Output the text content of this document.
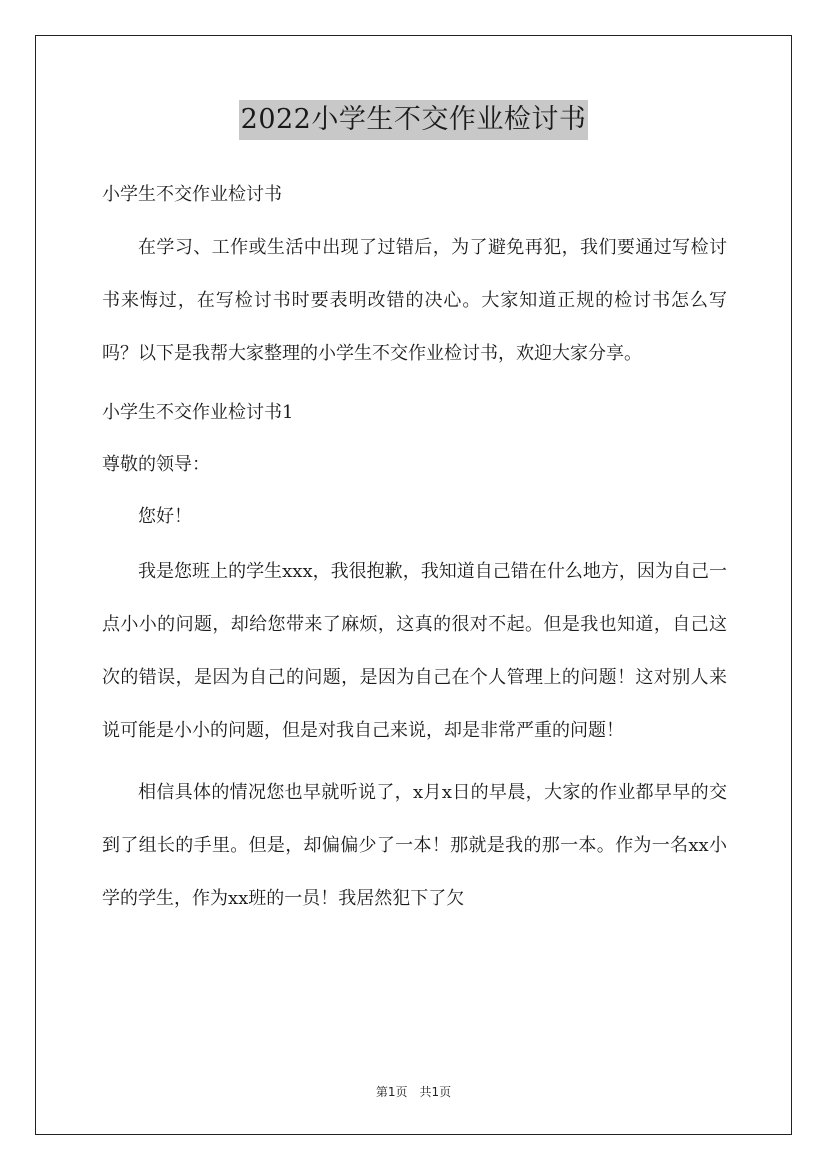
2022小学生不交作业检讨书

小学生不交作业检讨书

在学习、工作或生活中出现了过错后，为了避免再犯，我们要通过写检讨书来悔过，在写检讨书时要表明改错的决心。大家知道正规的检讨书怎么写吗？以下是我帮大家整理的小学生不交作业检讨书，欢迎大家分享。

小学生不交作业检讨书1

尊敬的领导：

您好！

我是您班上的学生xxx，我很抱歉，我知道自己错在什么地方，因为自己一点小小的问题，却给您带来了麻烦，这真的很对不起。但是我也知道，自己这次的错误，是因为自己的问题，是因为自己在个人管理上的问题！这对别人来说可能是小小的问题，但是对我自己来说，却是非常严重的问题！

相信具体的情况您也早就听说了，x月x日的早晨，大家的作业都早早的交到了组长的手里。但是，却偏偏少了一本！那就是我的那一本。作为一名xx小学的学生，作为xx班的一员！我居然犯下了欠

第1页 共1页
